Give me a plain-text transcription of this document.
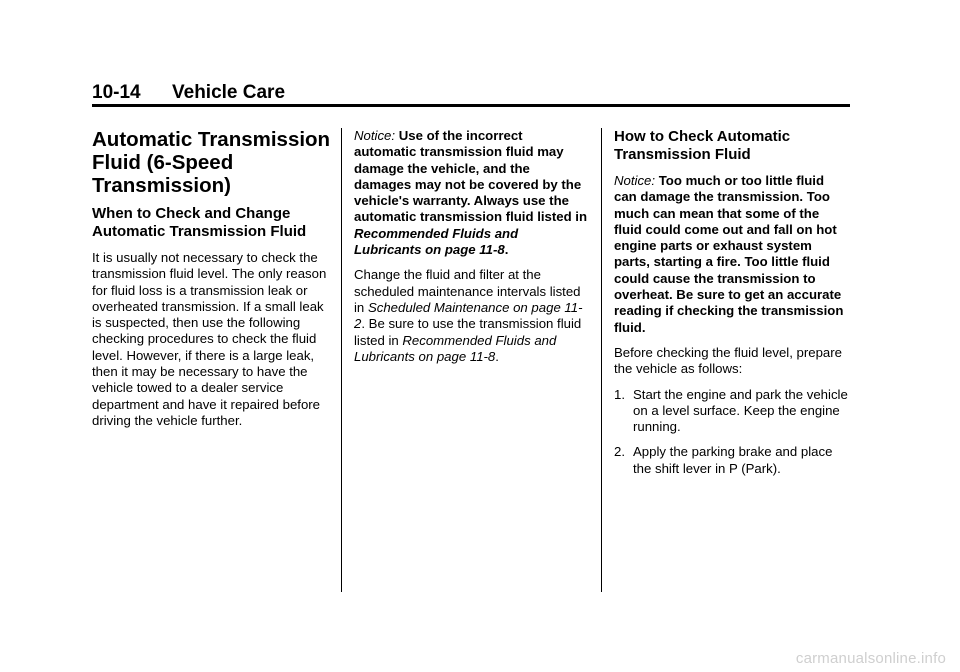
10-14 Vehicle Care
Automatic Transmission Fluid (6-Speed Transmission)
When to Check and Change Automatic Transmission Fluid

It is usually not necessary to check the transmission fluid level. The only reason for fluid loss is a transmission leak or overheated transmission. If a small leak is suspected, then use the following checking procedures to check the fluid level. However, if there is a large leak, then it may be necessary to have the vehicle towed to a dealer service department and have it repaired before driving the vehicle further.

Notice: Use of the incorrect automatic transmission fluid may damage the vehicle, and the damages may not be covered by the vehicle's warranty. Always use the automatic transmission fluid listed in Recommended Fluids and Lubricants on page 11-8.

Change the fluid and filter at the scheduled maintenance intervals listed in Scheduled Maintenance on page 11-2. Be sure to use the transmission fluid listed in Recommended Fluids and Lubricants on page 11-8.

How to Check Automatic Transmission Fluid

Notice: Too much or too little fluid can damage the transmission. Too much can mean that some of the fluid could come out and fall on hot engine parts or exhaust system parts, starting a fire. Too little fluid could cause the transmission to overheat. Be sure to get an accurate reading if checking the transmission fluid.

Before checking the fluid level, prepare the vehicle as follows:

1. Start the engine and park the vehicle on a level surface. Keep the engine running.
2. Apply the parking brake and place the shift lever in P (Park).
carmanualsonline.info
